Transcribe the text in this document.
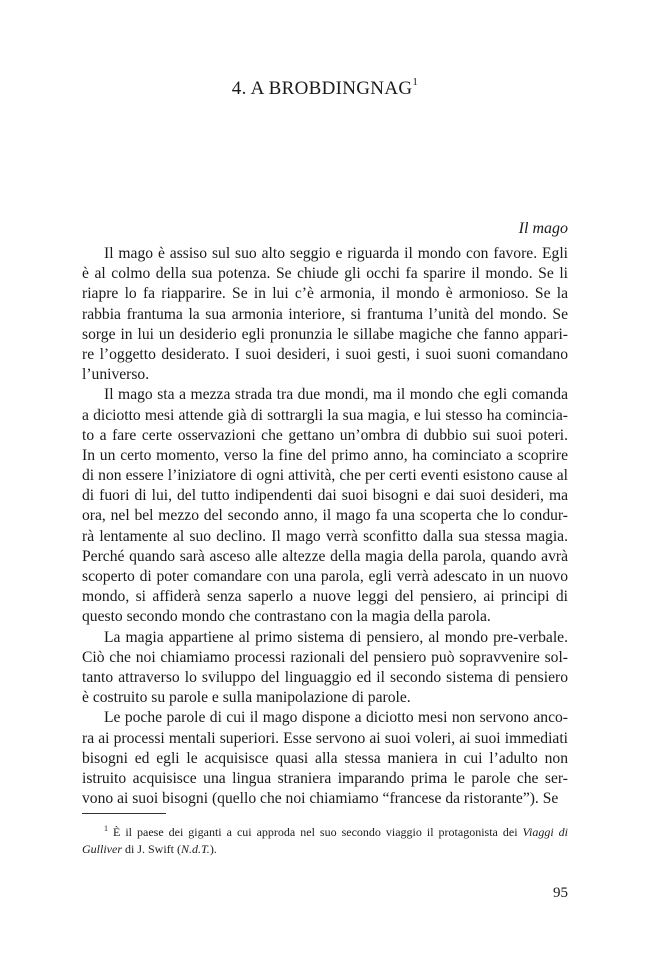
4. A BROBDINGNAG$^1$
Il mago
Il mago è assiso sul suo alto seggio e riguarda il mondo con favore. Egli
è al colmo della sua potenza. Se chiude gli occhi fa sparire il mondo. Se li
riapre lo fa riapparire. Se in lui c’è armonia, il mondo è armonioso. Se la
rabbia frantuma la sua armonia interiore, si frantuma l’unità del mondo. Se
sorge in lui un desiderio egli pronunzia le sillabe magiche che fanno appari-
re l’oggetto desiderato. I suoi desideri, i suoi gesti, i suoi suoni comandano
l’universo.
Il mago sta a mezza strada tra due mondi, ma il mondo che egli comanda
a diciotto mesi attende già di sottrargli la sua magia, e lui stesso ha comincia-
to a fare certe osservazioni che gettano un’ombra di dubbio sui suoi poteri.
In un certo momento, verso la fine del primo anno, ha cominciato a scoprire
di non essere l’iniziatore di ogni attività, che per certi eventi esistono cause al
di fuori di lui, del tutto indipendenti dai suoi bisogni e dai suoi desideri, ma
ora, nel bel mezzo del secondo anno, il mago fa una scoperta che lo condur-
rà lentamente al suo declino. Il mago verrà sconfitto dalla sua stessa magia.
Perché quando sarà asceso alle altezze della magia della parola, quando avrà
scoperto di poter comandare con una parola, egli verrà adescato in un nuovo
mondo, si affiderà senza saperlo a nuove leggi del pensiero, ai principi di
questo secondo mondo che contrastano con la magia della parola.
La magia appartiene al primo sistema di pensiero, al mondo pre-verbale.
Ciò che noi chiamiamo processi razionali del pensiero può sopravvenire sol-
tanto attraverso lo sviluppo del linguaggio ed il secondo sistema di pensiero
è costruito su parole e sulla manipolazione di parole.
Le poche parole di cui il mago dispone a diciotto mesi non servono anco-
ra ai processi mentali superiori. Esse servono ai suoi voleri, ai suoi immediati
bisogni ed egli le acquisisce quasi alla stessa maniera in cui l’adulto non
istruito acquisisce una lingua straniera imparando prima le parole che ser-
vono ai suoi bisogni (quello che noi chiamiamo “francese da ristorante”). Se
$^1$ È il paese dei giganti a cui approda nel suo secondo viaggio il protagonista dei Viaggi di
Gulliver di J. Swift (N.d.T.).
95
